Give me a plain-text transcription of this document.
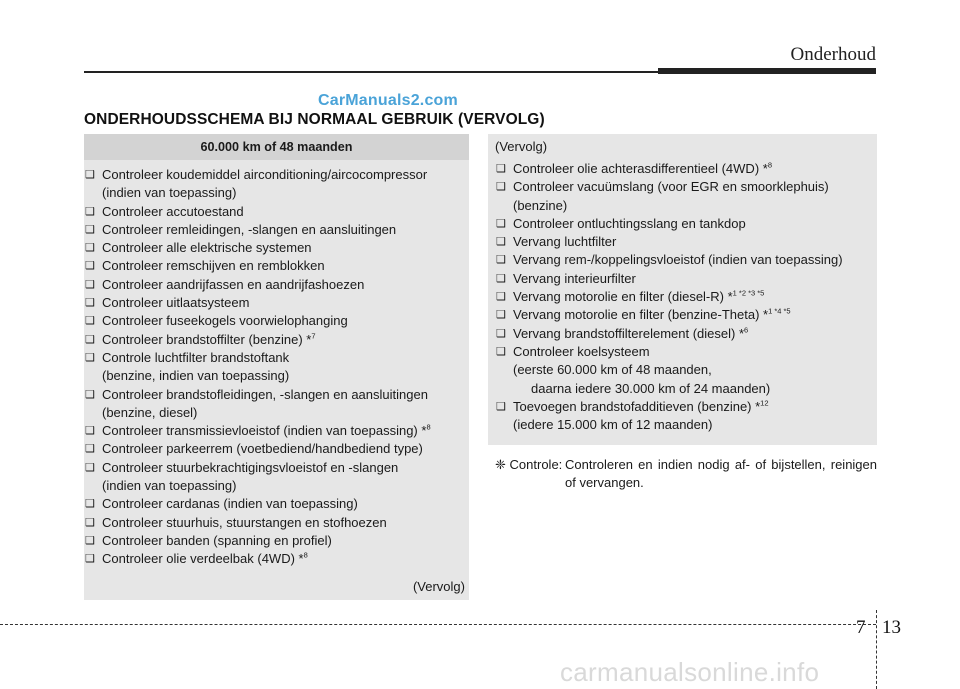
Onderhoud
CarManuals2.com
ONDERHOUDSSCHEMA BIJ NORMAAL GEBRUIK (VERVOLG)
60.000 km of 48 maanden
❑ Controleer koudemiddel airconditioning/aircocompressor
(indien van toepassing)
❑ Controleer accutoestand
❑ Controleer remleidingen, -slangen en aansluitingen
❑ Controleer alle elektrische systemen
❑ Controleer remschijven en remblokken
❑ Controleer aandrijfassen en aandrijfashoezen
❑ Controleer uitlaatsysteem
❑ Controleer fuseekogels voorwielophanging
❑ Controleer brandstoffilter (benzine) *$^7$
❑ Controle luchtfilter brandstoftank
(benzine, indien van toepassing)
❑ Controleer brandstofleidingen, -slangen en aansluitingen
(benzine, diesel)
❑ Controleer transmissievloeistof (indien van toepassing) *$^8$
❑ Controleer parkeerrem (voetbediend/handbediend type)
❑ Controleer stuurbekrachtigingsvloeistof en -slangen
(indien van toepassing)
❑ Controleer cardanas (indien van toepassing)
❑ Controleer stuurhuis, stuurstangen en stofhoezen
❑ Controleer banden (spanning en profiel)
❑ Controleer olie verdeelbak (4WD) *$^8$
(Vervolg)
(Vervolg)
❑ Controleer olie achterasdifferentieel (4WD) *$^8$
❑ Controleer vacuümslang (voor EGR en smoorklephuis)
(benzine)
❑ Controleer ontluchtingsslang en tankdop
❑ Vervang luchtfilter
❑ Vervang rem-/koppelingsvloeistof (indien van toepassing)
❑ Vervang interieurfilter
❑ Vervang motorolie en filter (diesel-R) *$^{1 *2 *3 *5}$
❑ Vervang motorolie en filter (benzine-Theta) *$^{1 *4 *5}$
❑ Vervang brandstoffilterelement (diesel) *$^6$
❑ Controleer koelsysteem
(eerste 60.000 km of 48 maanden,
daarna iedere 30.000 km of 24 maanden)
❑ Toevoegen brandstofadditieven (benzine) *$^{12}$
(iedere 15.000 km of 12 maanden)
❈ Controle: Controleren en indien nodig af- of bijstellen, reinigen of vervangen.
7 13
carmanualsonline.info
